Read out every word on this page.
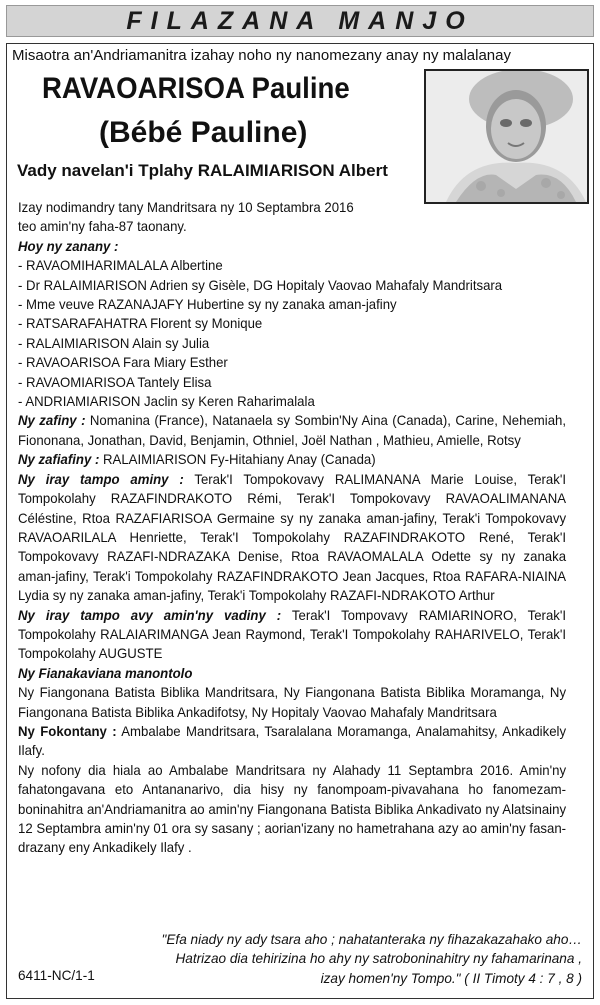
FILAZANA MANJO
Misaotra an'Andriamanitra izahay noho ny nanomezany anay ny malalanay
RAVAOARISOA Pauline
(Bébé Pauline)
Vady navelan'i Tplahy RALAIMIARISON Albert

Izay nodimandry tany Mandritsara ny 10 Septambra 2016

teo amin'ny faha-87 taonany.

Hoy ny zanany :

- RAVAOMIHARIMALALA Albertine

- Dr RALAIMIARISON Adrien sy Gisèle, DG Hopitaly Vaovao Mahafaly Mandritsara

- Mme veuve RAZANAJAFY Hubertine sy ny zanaka aman-jafiny

- RATSARAFAHATRA Florent sy Monique

- RALAIMIARISON Alain sy Julia

- RAVAOARISOA Fara Miary Esther

- RAVAOMIARISOA Tantely Elisa

- ANDRIAMIARISON Jaclin sy Keren Raharimalala

Ny zafiny : Nomanina (France), Natanaela sy Sombin'Ny Aina (Canada), Carine, Nehemiah, Fiononana, Jonathan, David, Benjamin, Othniel, Joël Nathan , Mathieu, Amielle, Rotsy

Ny zafiafiny : RALAIMIARISON Fy-Hitahiany Anay (Canada)

Ny iray tampo aminy : Terak'I Tompokovavy RALIMANANA Marie Louise, Terak'I Tompokolahy RAZAFINDRAKOTO Rémi, Terak'I Tompokovavy RAVAOALIMANANA Céléstine, Rtoa RAZAFIARISOA Germaine sy ny zanaka aman-jafiny, Terak'i Tompokovavy RAVAOARILALA Henriette, Terak'I Tompokolahy RAZAFINDRAKOTO René, Terak'I Tompokovavy RAZAFI-NDRAZAKA Denise, Rtoa RAVAOMALALA Odette sy ny zanaka aman-jafiny, Terak'i Tompokolahy RAZAFINDRAKOTO Jean Jacques, Rtoa RAFARA-NIAINA Lydia sy ny zanaka aman-jafiny, Terak'i Tompokolahy RAZAFI-NDRAKOTO Arthur

Ny iray tampo avy amin'ny vadiny : Terak'I Tompovavy RAMIARINORO, Terak'I Tompokolahy RALAIARIMANGA Jean Raymond, Terak'I Tompokolahy RAHARIVELO, Terak'I Tompokolahy AUGUSTE

Ny Fianakaviana manontolo

Ny Fiangonana Batista Biblika Mandritsara, Ny Fiangonana Batista Biblika Moramanga, Ny Fiangonana Batista Biblika Ankadifotsy, Ny Hopitaly Vaovao Mahafaly Mandritsara

Ny Fokontany : Ambalabe Mandritsara, Tsaralalana Moramanga, Analamahitsy, Ankadikely Ilafy.

Ny nofony dia hiala ao Ambalabe Mandritsara ny Alahady 11 Septambra 2016. Amin'ny fahatongavana eto Antananarivo, dia hisy ny fanompoam-pivavahana ho fanomezam-boninahitra an'Andriamanitra ao amin'ny Fiangonana Batista Biblika Ankadivato ny Alatsinainy 12 Septambra amin'ny 01 ora sy sasany ; aorian'izany no hametrahana azy ao amin'ny fasan-drazany eny Ankadikely Ilafy .

"Efa niady ny ady tsara aho ; nahatanteraka ny fihazakazahako aho…
Hatrizao dia tehirizina ho ahy ny satroboninahitry ny fahamarinana ,
izay homen'ny Tompo." ( II Timoty 4 : 7 , 8 )
6411-NC/1-1
